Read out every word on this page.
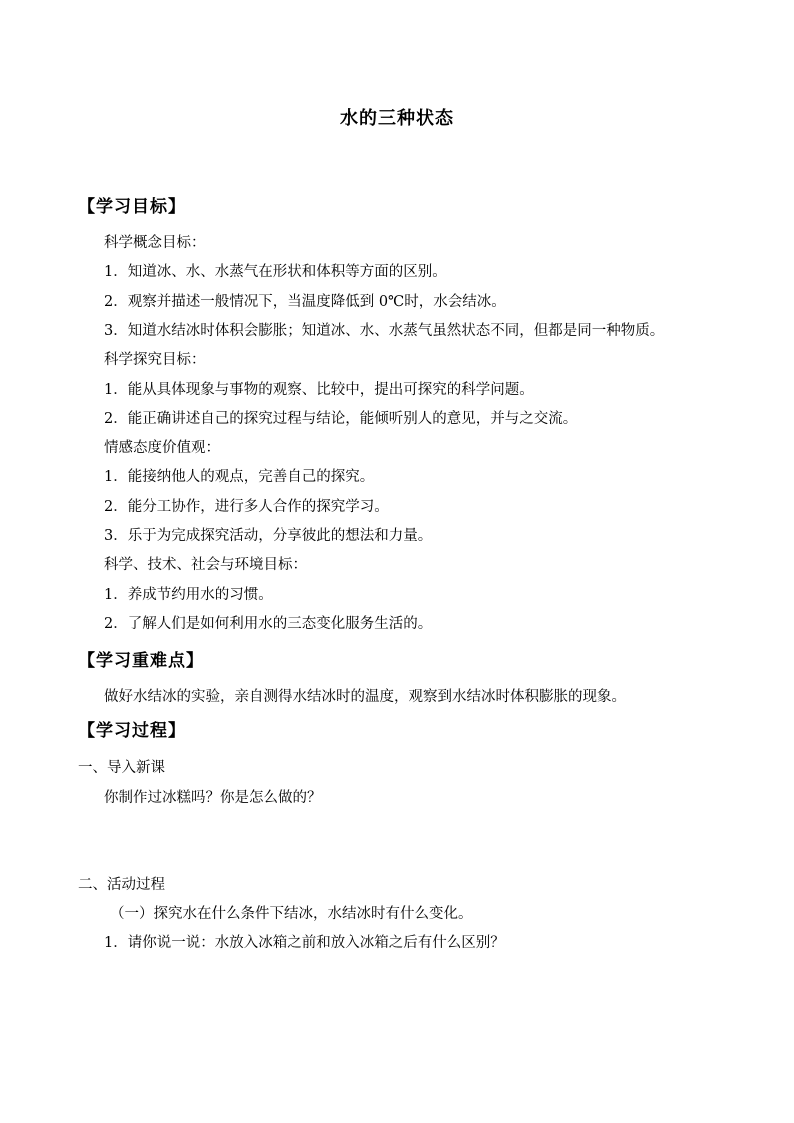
水的三种状态
【学习目标】
科学概念目标：
1．知道冰、水、水蒸气在形状和体积等方面的区别。
2．观察并描述一般情况下，当温度降低到 0℃时，水会结冰。
3．知道水结冰时体积会膨胀；知道冰、水、水蒸气虽然状态不同，但都是同一种物质。
科学探究目标：
1．能从具体现象与事物的观察、比较中，提出可探究的科学问题。
2．能正确讲述自己的探究过程与结论，能倾听别人的意见，并与之交流。
情感态度价值观：
1．能接纳他人的观点，完善自己的探究。
2．能分工协作，进行多人合作的探究学习。
3．乐于为完成探究活动，分享彼此的想法和力量。
科学、技术、社会与环境目标：
1．养成节约用水的习惯。
2．了解人们是如何利用水的三态变化服务生活的。
【学习重难点】
做好水结冰的实验，亲自测得水结冰时的温度，观察到水结冰时体积膨胀的现象。
【学习过程】
一、导入新课
你制作过冰糕吗？你是怎么做的？
二、活动过程
（一）探究水在什么条件下结冰，水结冰时有什么变化。
1．请你说一说：水放入冰箱之前和放入冰箱之后有什么区别？
